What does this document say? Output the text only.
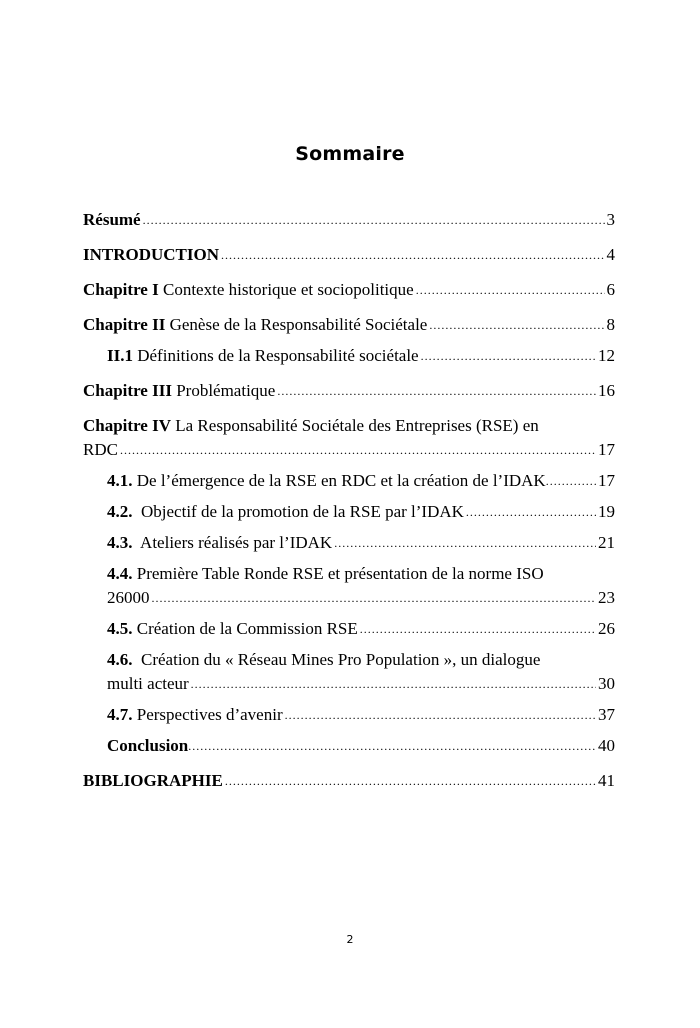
Sommaire
Résumé .....	3
INTRODUCTION .....	4
Chapitre I Contexte historique et sociopolitique .....	6
Chapitre II Genèse de la Responsabilité Sociétale .....	8
II.1 Définitions de la Responsabilité sociétale .....	12
Chapitre III Problématique .....	16
Chapitre IV La Responsabilité Sociétale des Entreprises (RSE) en
RDC .....	17
4.1. De l’émergence de la RSE en RDC et la création de l’IDAK .....	17
4.2.  Objectif de la promotion de la RSE par l’IDAK .....	19
4.3.  Ateliers réalisés par l’IDAK .....	21
4.4. Première Table Ronde RSE et présentation de la norme ISO
26000 .....	23
4.5. Création de la Commission RSE .....	26
4.6.  Création du « Réseau Mines Pro Population », un dialogue
multi acteur .....	30
4.7. Perspectives d’avenir .....	37
Conclusion .....	40
BIBLIOGRAPHIE .....	41
2
